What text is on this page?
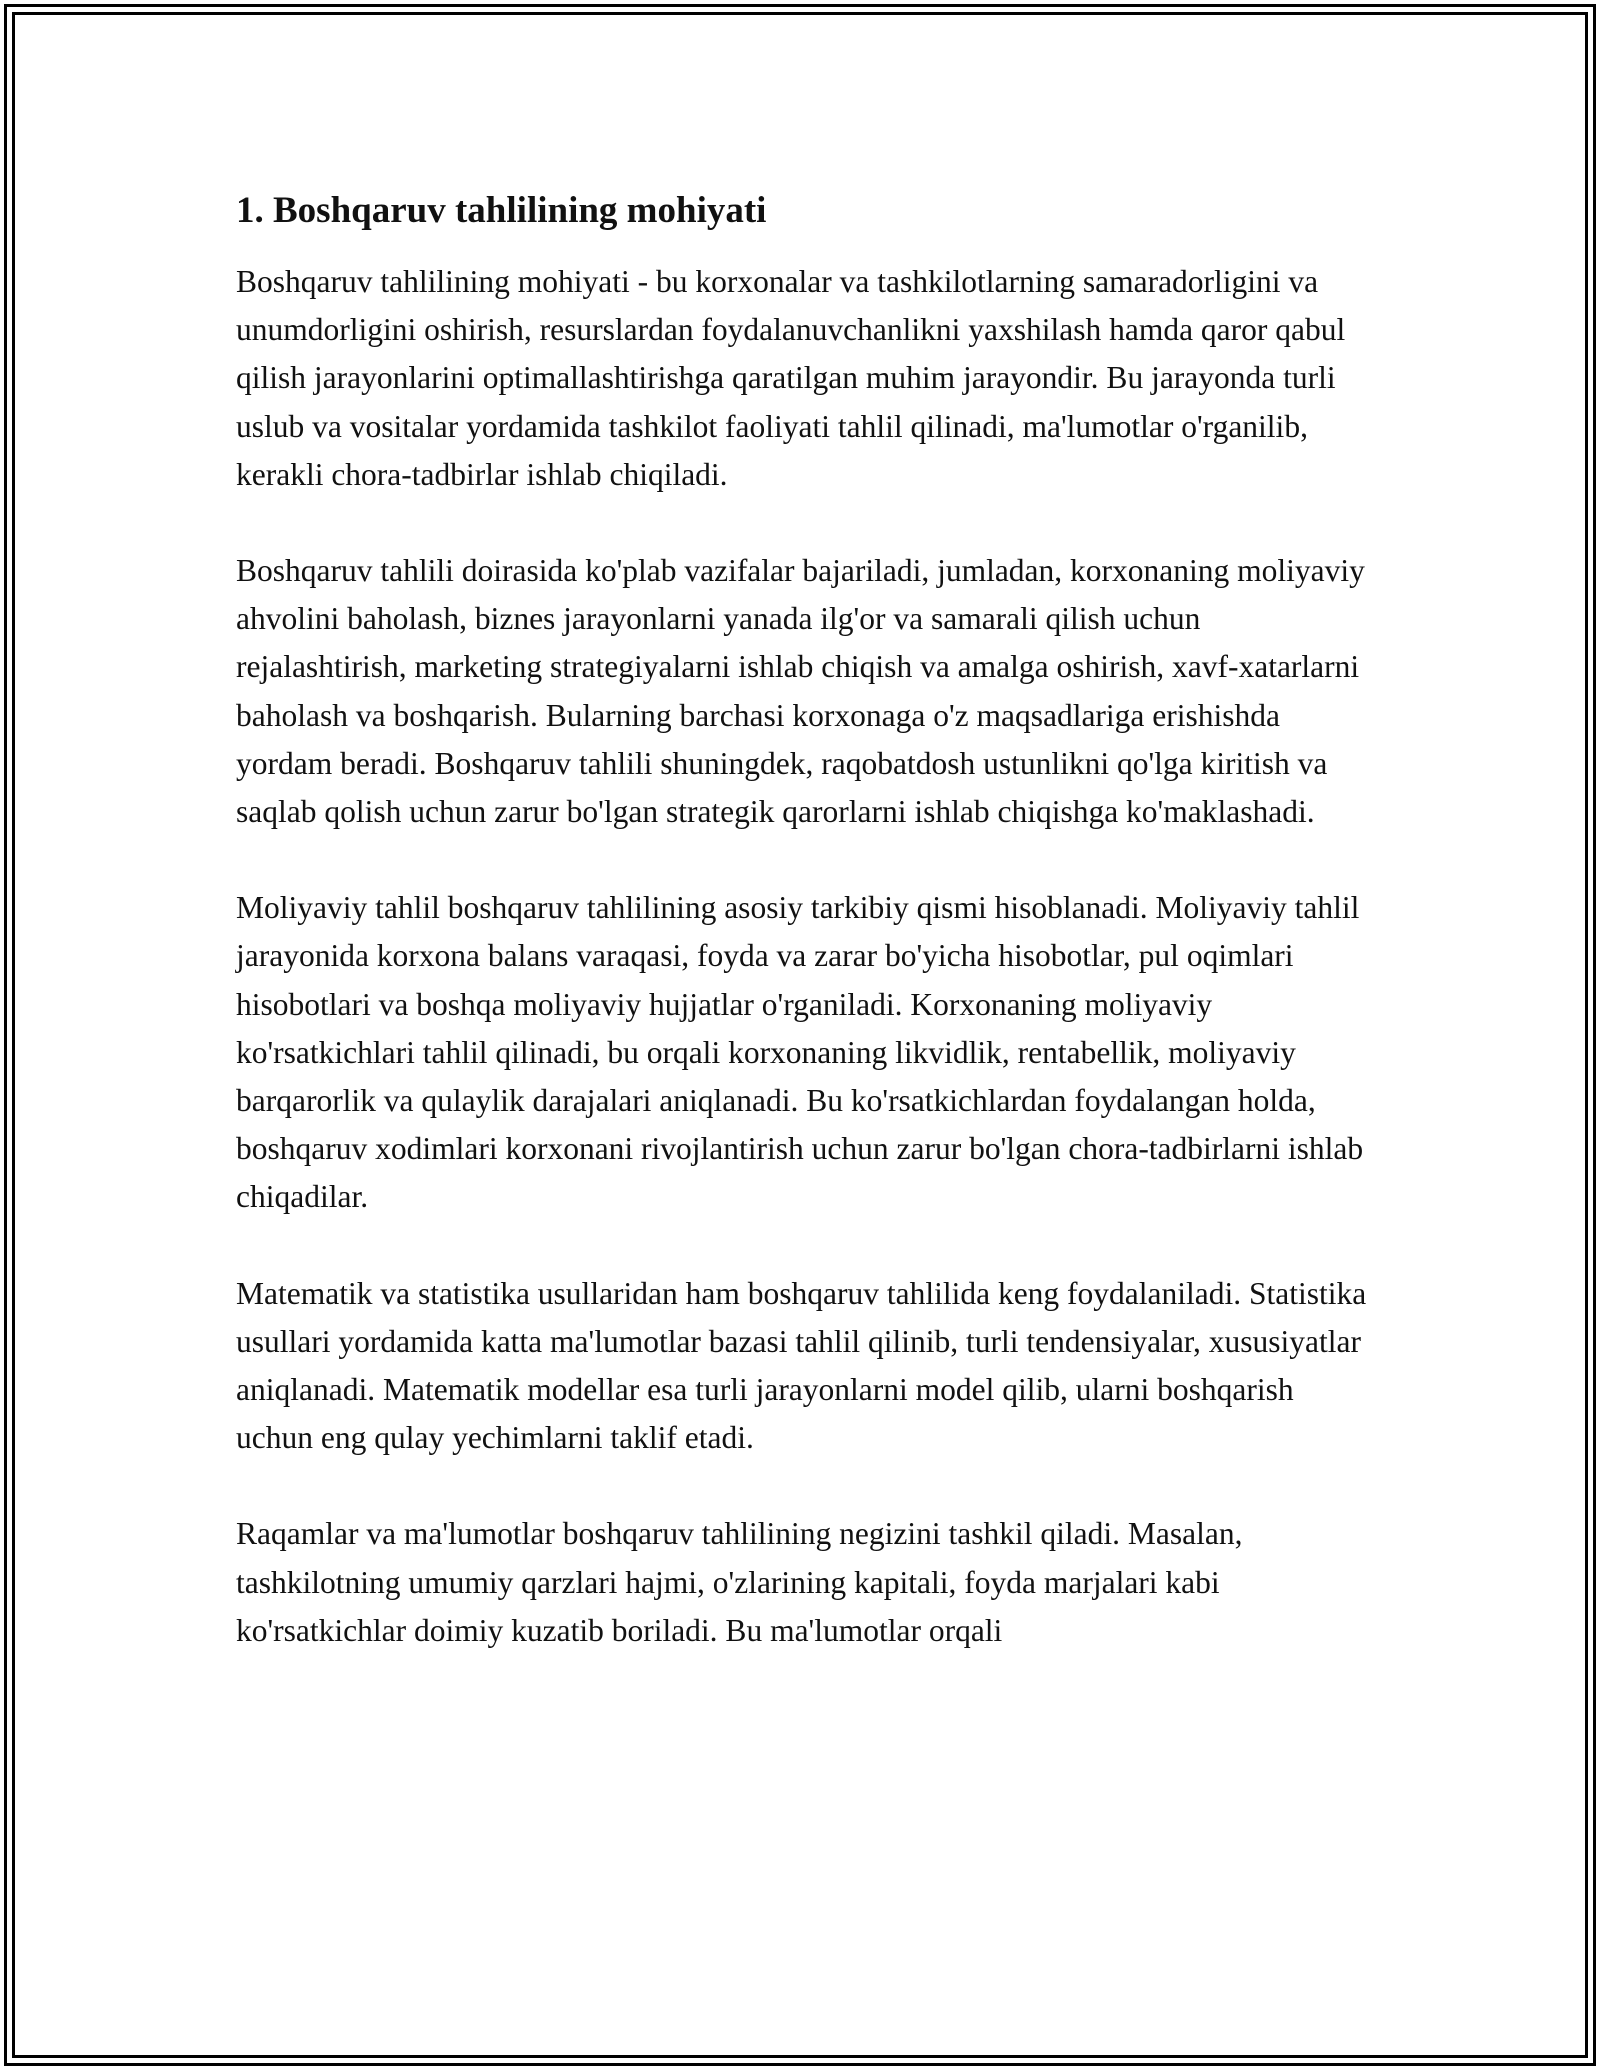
1. Boshqaruv tahlilining mohiyati

Boshqaruv tahlilining mohiyati - bu korxonalar va tashkilotlarning samaradorligini va unumdorligini oshirish, resurslardan foydalanuvchanlikni yaxshilash hamda qaror qabul qilish jarayonlarini optimallashtirishga qaratilgan muhim jarayondir. Bu jarayonda turli uslub va vositalar yordamida tashkilot faoliyati tahlil qilinadi, ma'lumotlar o'rganilib, kerakli chora-tadbirlar ishlab chiqiladi.

Boshqaruv tahlili doirasida ko'plab vazifalar bajariladi, jumladan, korxonaning moliyaviy ahvolini baholash, biznes jarayonlarni yanada ilg'or va samarali qilish uchun rejalashtirish, marketing strategiyalarni ishlab chiqish va amalga oshirish, xavf-xatarlarni baholash va boshqarish. Bularning barchasi korxonaga o'z maqsadlariga erishishda yordam beradi. Boshqaruv tahlili shuningdek, raqobatdosh ustunlikni qo'lga kiritish va saqlab qolish uchun zarur bo'lgan strategik qarorlarni ishlab chiqishga ko'maklashadi.

Moliyaviy tahlil boshqaruv tahlilining asosiy tarkibiy qismi hisoblanadi. Moliyaviy tahlil jarayonida korxona balans varaqasi, foyda va zarar bo'yicha hisobotlar, pul oqimlari hisobotlari va boshqa moliyaviy hujjatlar o'rganiladi. Korxonaning moliyaviy ko'rsatkichlari tahlil qilinadi, bu orqali korxonaning likvidlik, rentabellik, moliyaviy barqarorlik va qulaylik darajalari aniqlanadi. Bu ko'rsatkichlardan foydalangan holda, boshqaruv xodimlari korxonani rivojlantirish uchun zarur bo'lgan chora-tadbirlarni ishlab chiqadilar.

Matematik va statistika usullaridan ham boshqaruv tahlilida keng foydalaniladi. Statistika usullari yordamida katta ma'lumotlar bazasi tahlil qilinib, turli tendensiyalar, xususiyatlar aniqlanadi. Matematik modellar esa turli jarayonlarni model qilib, ularni boshqarish uchun eng qulay yechimlarni taklif etadi.

Raqamlar va ma'lumotlar boshqaruv tahlilining negizini tashkil qiladi. Masalan, tashkilotning umumiy qarzlari hajmi, o'zlarining kapitali, foyda marjalari kabi ko'rsatkichlar doimiy kuzatib boriladi. Bu ma'lumotlar orqali
